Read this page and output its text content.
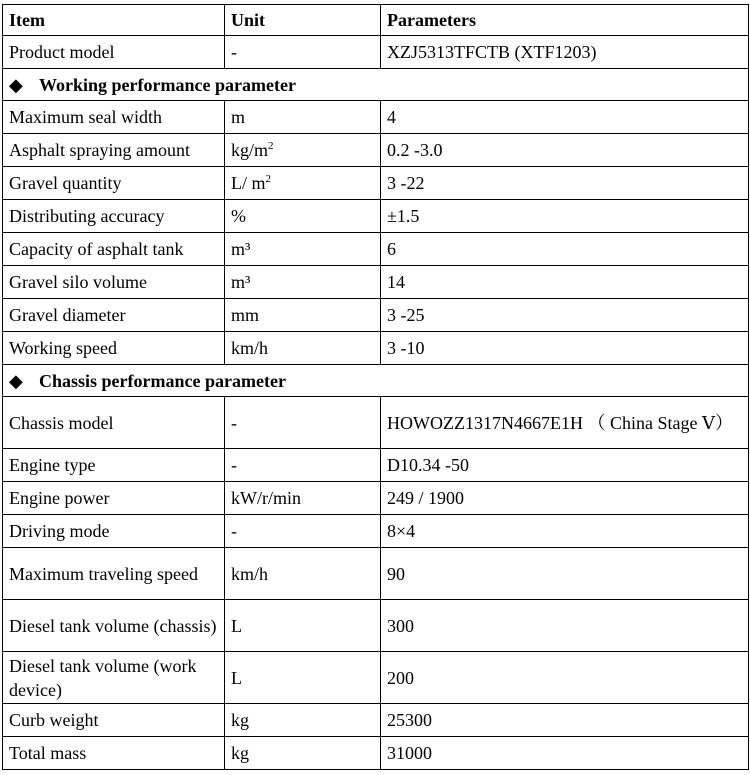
Item	Unit	Parameters
Product model	-	XZJ5313TFCTB (XTF1203)
◆ Working performance parameter		
Maximum seal width	m	4
Asphalt spraying amount	$kg/m^2$	0.2 -3.0
Gravel quantity	L/ $m^2$	3 -22
Distributing accuracy	%	±1.5
Capacity of asphalt tank	m³	6
Gravel silo volume	m³	14
Gravel diameter	mm	3 -25
Working speed	km/h	3 -10
◆ Chassis performance parameter		
Chassis model	-	HOWOZZ1317N4667E1H （ China Stage Ⅴ）
Engine type	-	D10.34 -50
Engine power	kW/r/min	249 / 1900
Driving mode	-	8×4
Maximum traveling speed	km/h	90
Diesel tank volume (chassis)	L	300
Diesel tank volume (work device)	L	200
Curb weight	kg	25300
Total mass	kg	31000
